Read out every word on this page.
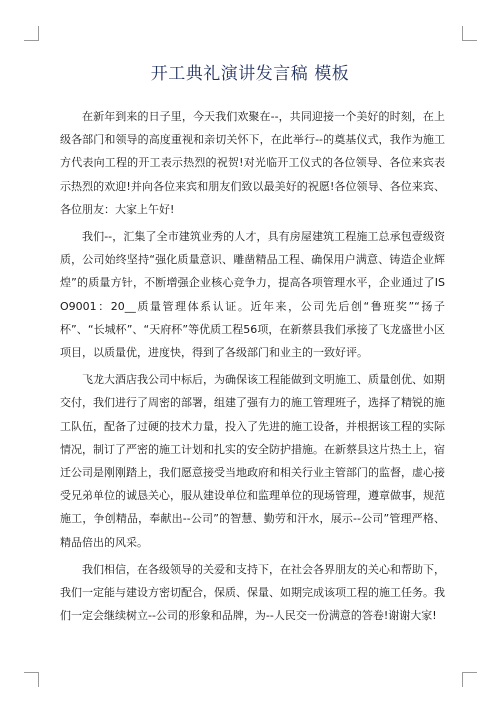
开工典礼演讲发言稿 模板

在新年到来的日子里，今天我们欢聚在--，共同迎接一个美好的时刻，在上级各部门和领导的高度重视和亲切关怀下，在此举行--的奠基仪式，我作为施工方代表向工程的开工表示热烈的祝贺!对光临开工仪式的各位领导、各位来宾表示热烈的欢迎!并向各位来宾和朋友们致以最美好的祝愿!各位领导、各位来宾、各位朋友：大家上午好!

我们--，汇集了全市建筑业秀的人才，具有房屋建筑工程施工总承包壹级资质，公司始终坚持“强化质量意识、雕凿精品工程、确保用户满意、铸造企业辉煌”的质量方针，不断增强企业核心竞争力，提高各项管理水平，企业通过了ISO9001：20__质量管理体系认证。近年来，公司先后创“鲁班奖”“扬子杯”、“长城杯”、“天府杯”等优质工程56项，在新蔡县我们承接了飞龙盛世小区项目，以质量优，进度快，得到了各级部门和业主的一致好评。

飞龙大酒店我公司中标后，为确保该工程能做到文明施工、质量创优、如期交付，我们进行了周密的部署，组建了强有力的施工管理班子，选择了精锐的施工队伍，配备了过硬的技术力量，投入了先进的施工设备，并根据该工程的实际情况，制订了严密的施工计划和扎实的安全防护措施。在新蔡县这片热土上，宿迁公司是刚刚踏上，我们愿意接受当地政府和相关行业主管部门的监督，虚心接受兄弟单位的诚恳关心，服从建设单位和监理单位的现场管理，遵章做事，规范施工，争创精品，奉献出--公司”的智慧、勤劳和汗水，展示--公司”管理严格、精品倍出的风采。

我们相信，在各级领导的关爱和支持下，在社会各界朋友的关心和帮助下，我们一定能与建设方密切配合，保质、保量、如期完成该项工程的施工任务。我们一定会继续树立--公司的形象和品牌，为--人民交一份满意的答卷!谢谢大家!
